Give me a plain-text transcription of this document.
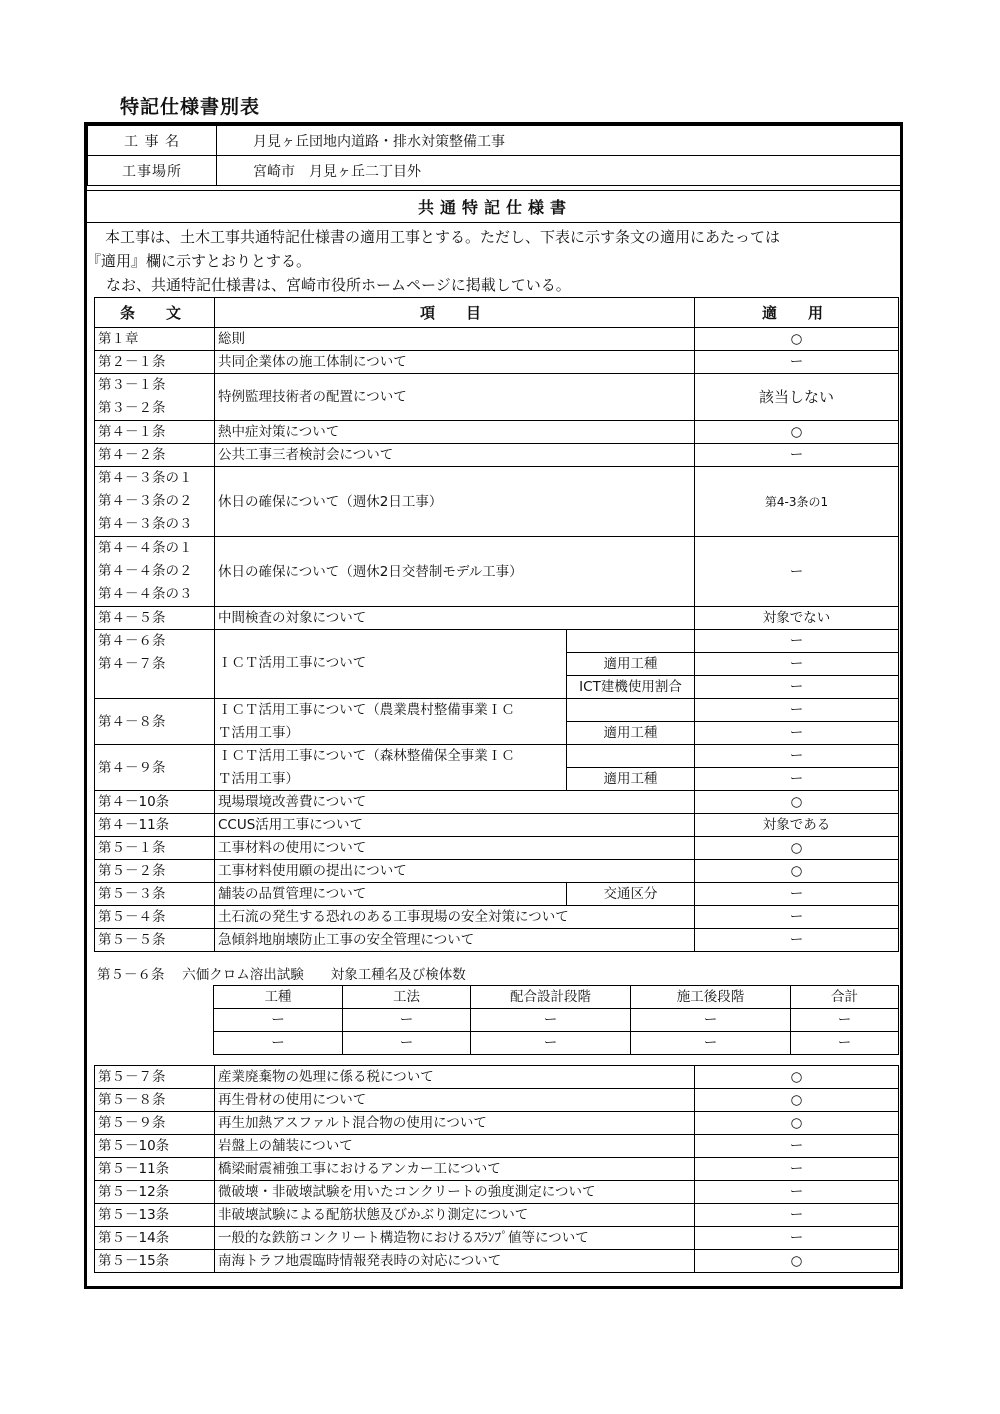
特記仕様書別表
工 事 名	月見ヶ丘団地内道路・排水対策整備工事
工事場所	宮崎市　月見ヶ丘二丁目外
共通特記仕様書
　本工事は、土木工事共通特記仕様書の適用工事とする。ただし、下表に示す条文の適用にあたっては
『適用』欄に示すとおりとする。
なお、共通特記仕様書は、宮崎市役所ホームページに掲載している。
条　文	項　目		適　用
第１章	総則		○
第２－１条	共同企業体の施工体制について		ー

第３－１条
第３－２条	特例監理技術者の配置について		該当しない
第４－１条	熱中症対策について		○
第４－２条	公共工事三者検討会について		ー

第４－３条の１
第４－３条の２
第４－３条の３	休日の確保について（週休2日工事）		第4-3条の1

第４－４条の１
第４－４条の２
第４－４条の３	休日の確保について（週休2日交替制モデル工事）		ー
第４－５条	中間検査の対象について		対象でない

第４－６条
第４－７条	ＩＣＴ活用工事について		ー
		適用工種	ー
		ICT建機使用割合	ー
第４－８条	ＩＣＴ活用工事について（農業農村整備事業ＩＣ		ー
	Ｔ活用工事）	適用工種	ー
第４－９条	ＩＣＴ活用工事について（森林整備保全事業ＩＣ		ー
	Ｔ活用工事）	適用工種	ー
第４－10条	現場環境改善費について		○
第４－11条	CCUS活用工事について		対象である
第５－１条	工事材料の使用について		○
第５－２条	工事材料使用願の提出について		○
第５－３条	舗装の品質管理について	交通区分	ー
第５－４条	土石流の発生する恐れのある工事現場の安全対策について		ー
第５－５条	急傾斜地崩壊防止工事の安全管理について		ー
第５－６条　 六価クロム溶出試験　　対象工種名及び検体数
工種	工法	配合設計段階	施工後段階	合計
ー	ー	ー	ー	ー
ー	ー	ー	ー	ー
第５－７条	産業廃棄物の処理に係る税について	○
第５－８条	再生骨材の使用について	○
第５－９条	再生加熱アスファルト混合物の使用について	○
第５－10条	岩盤上の舗装について	ー
第５－11条	橋梁耐震補強工事におけるアンカー工について	ー
第５－12条	微破壊・非破壊試験を用いたコンクリートの強度測定について	ー
第５－13条	非破壊試験による配筋状態及びかぶり測定について	ー
第５－14条	一般的な鉄筋コンクリート構造物におけるｽﾗﾝﾌﾟ値等について	ー
第５－15条	南海トラフ地震臨時情報発表時の対応について	○
